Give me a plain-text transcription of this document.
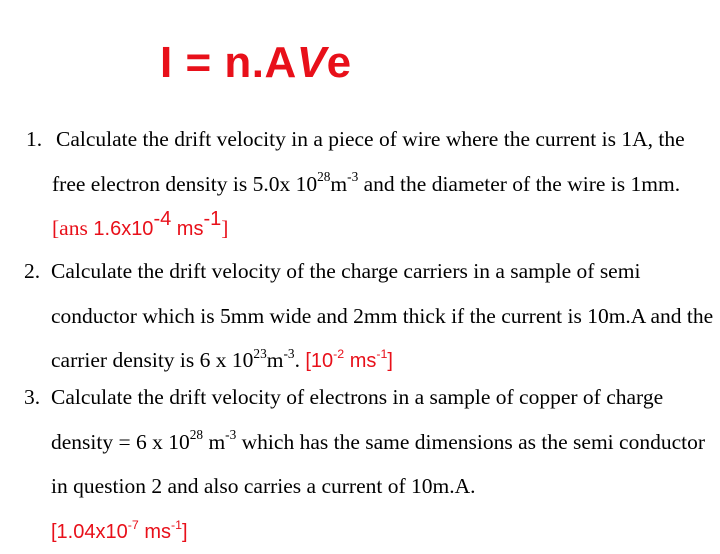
I = n.AVe
1. Calculate the drift velocity in a piece of wire where the current is 1A, the free electron density is 5.0x $10^{28}m^{-3}$ and the diameter of the wire is 1mm. [ans $1.6x10^{-4}$ $ms^{-1}$]
2. Calculate the drift velocity of the charge carriers in a sample of semi conductor which is 5mm wide and 2mm thick if the current is 10m.A and the carrier density is 6 x $10^{23}m^{-3}$. [$10^{-2}$ $ms^{-1}$]
3. Calculate the drift velocity of electrons in a sample of copper of charge density = 6 x $10^{28}$ $m^{-3}$ which has the same dimensions as the semi conductor in question 2 and also carries a current of 10m.A.
[$1.04x10^{-7}$ $ms^{-1}$]
